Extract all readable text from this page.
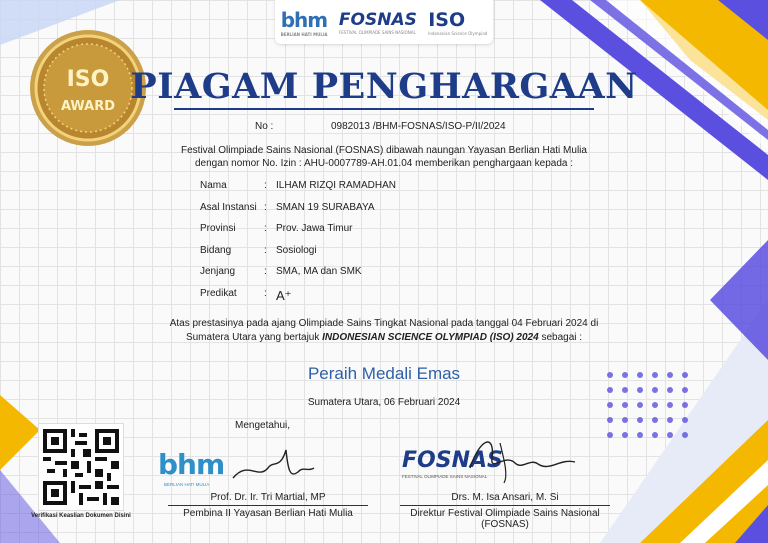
ISO
AWARD
bhm
BERLIAN HATI MULIA
FOSNAS
FESTIVAL OLIMPIADE SAINS NASIONAL
ISO
Indonesian Science Olympiad
PIAGAM PENGHARGAAN
No :	0982013 /BHM-FOSNAS/ISO-P/II/2024
Festival Olimpiade Sains Nasional (FOSNAS) dibawah naungan Yayasan Berlian Hati Mulia
dengan nomor No. Izin : AHU-0007789-AH.01.04 memberikan penghargaan kepada :
Nama	: ILHAM RIZQI RAMADHAN
Asal Instansi : SMAN 19 SURABAYA
Provinsi	: Prov. Jawa Timur
Bidang	: Sosiologi
Jenjang	: SMA, MA dan SMK
Predikat	: A⁺
Atas prestasinya pada ajang Olimpiade Sains Tingkat Nasional pada tanggal 04 Februari 2024 di
Sumatera Utara yang bertajuk INDONESIAN SCIENCE OLYMPIAD (ISO) 2024 sebagai :
Peraih Medali Emas
Sumatera Utara, 06 Februari 2024
Mengetahui,
bhm
BERLIAN HATI MULIA
Prof. Dr. Ir. Tri Martial, MP
Pembina II Yayasan Berlian Hati Mulia
FOSNAS
FESTIVAL OLIMPIADE SAINS NASIONAL
Drs. M. Isa Ansari, M. Si
Direktur Festival Olimpiade Sains Nasional
(FOSNAS)
Verifikasi Keaslian Dokumen Disini
